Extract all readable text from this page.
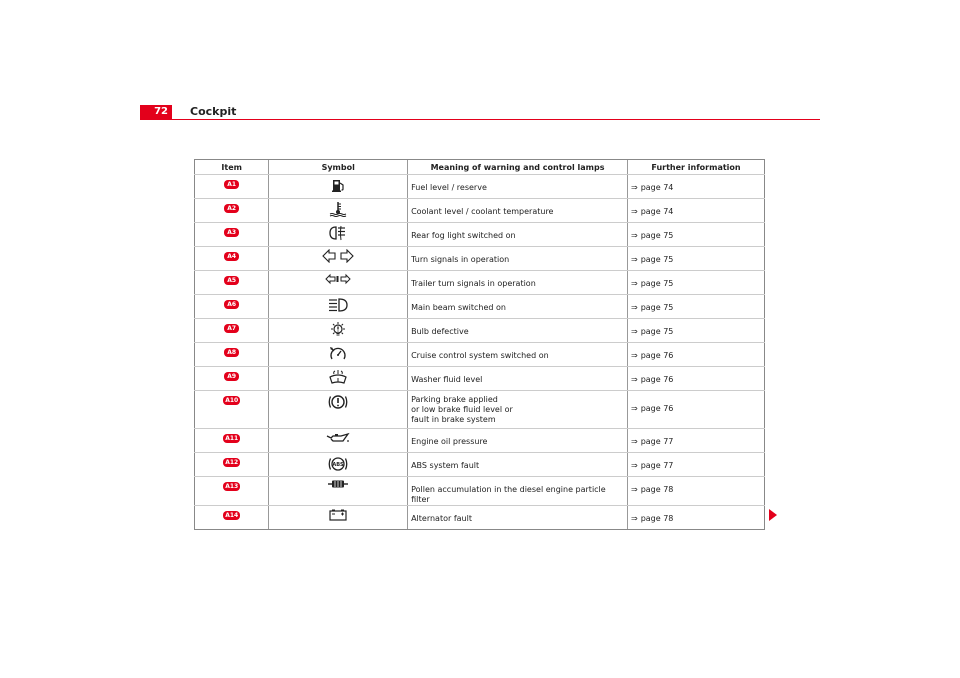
72	Cockpit
Item	Symbol	Meaning of warning and control lamps	Further information
A1		Fuel level / reserve	⇒ page 74

A2		Coolant level / coolant temperature	⇒ page 74

A3		Rear fog light switched on	⇒ page 75

A4		Turn signals in operation	⇒ page 75

A5		Trailer turn signals in operation	⇒ page 75

A6		Main beam switched on	⇒ page 75

A7		Bulb defective	⇒ page 75

A8		Cruise control system switched on	⇒ page 76

A9		Washer fluid level	⇒ page 76

A10		Parking brake applied
or low brake fluid level or
fault in brake system	⇒ page 76

A11		Engine oil pressure	⇒ page 77

A12	ABS	ABS system fault	⇒ page 77

A13		Pollen accumulation in the diesel engine particle filter	⇒ page 78

A14		Alternator fault	⇒ page 78
